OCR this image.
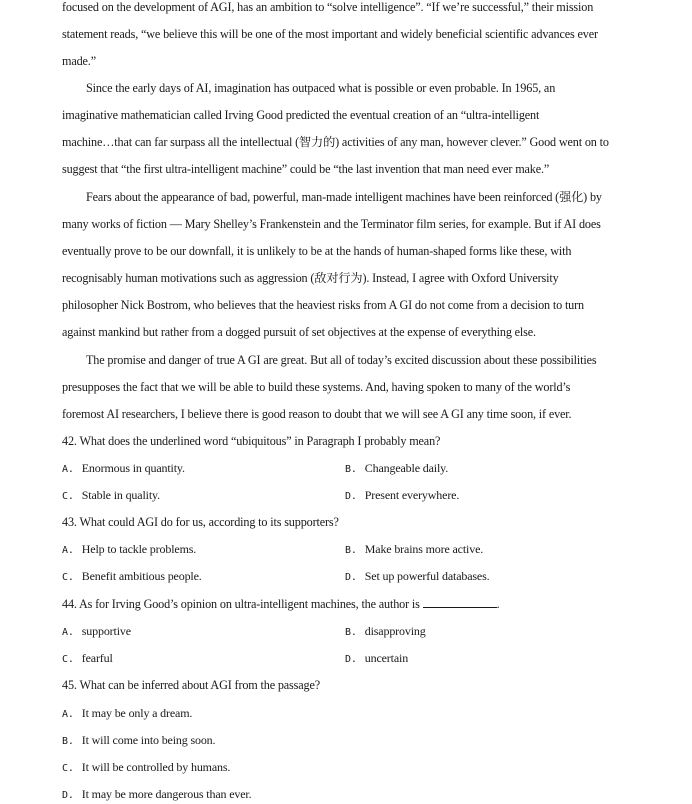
focused on the development of AGI, has an ambition to “solve intelligence”. “If we’re successful,” their mission
statement reads, “we believe this will be one of the most important and widely beneficial scientific advances ever
made.”
Since the early days of AI, imagination has outpaced what is possible or even probable. In 1965, an
imaginative mathematician called Irving Good predicted the eventual creation of an “ultra-intelligent
machine…that can far surpass all the intellectual (智力的) activities of any man, however clever.” Good went on to
suggest that “the first ultra-intelligent machine” could be “the last invention that man need ever make.”
Fears about the appearance of bad, powerful, man-made intelligent machines have been reinforced (强化) by
many works of fiction — Mary Shelley’s Frankenstein and the Terminator film series, for example. But if AI does
eventually prove to be our downfall, it is unlikely to be at the hands of human-shaped forms like these, with
recognisably human motivations such as aggression (敌对行为). Instead, I agree with Oxford University
philosopher Nick Bostrom, who believes that the heaviest risks from A GI do not come from a decision to turn
against mankind but rather from a dogged pursuit of set objectives at the expense of everything else.
The promise and danger of true A GI are great. But all of today’s excited discussion about these possibilities
presupposes the fact that we will be able to build these systems. And, having spoken to many of the world’s
foremost AI researchers, I believe there is good reason to doubt that we will see A GI any time soon, if ever.
42. What does the underlined word “ubiquitous” in Paragraph I probably mean?
A. Enormous in quantity.	B. Changeable daily.
C. Stable in quality.	D. Present everywhere.
43. What could AGI do for us, according to its supporters?
A. Help to tackle problems.	B. Make brains more active.
C. Benefit ambitious people.	D. Set up powerful databases.
44. As for Irving Good’s opinion on ultra-intelligent machines, the author is	.
A. supportive	B. disapproving
C. fearful	D. uncertain
45. What can be inferred about AGI from the passage?
A. It may be only a dream.
B. It will come into being soon.
C. It will be controlled by humans.
D. It may be more dangerous than ever.
